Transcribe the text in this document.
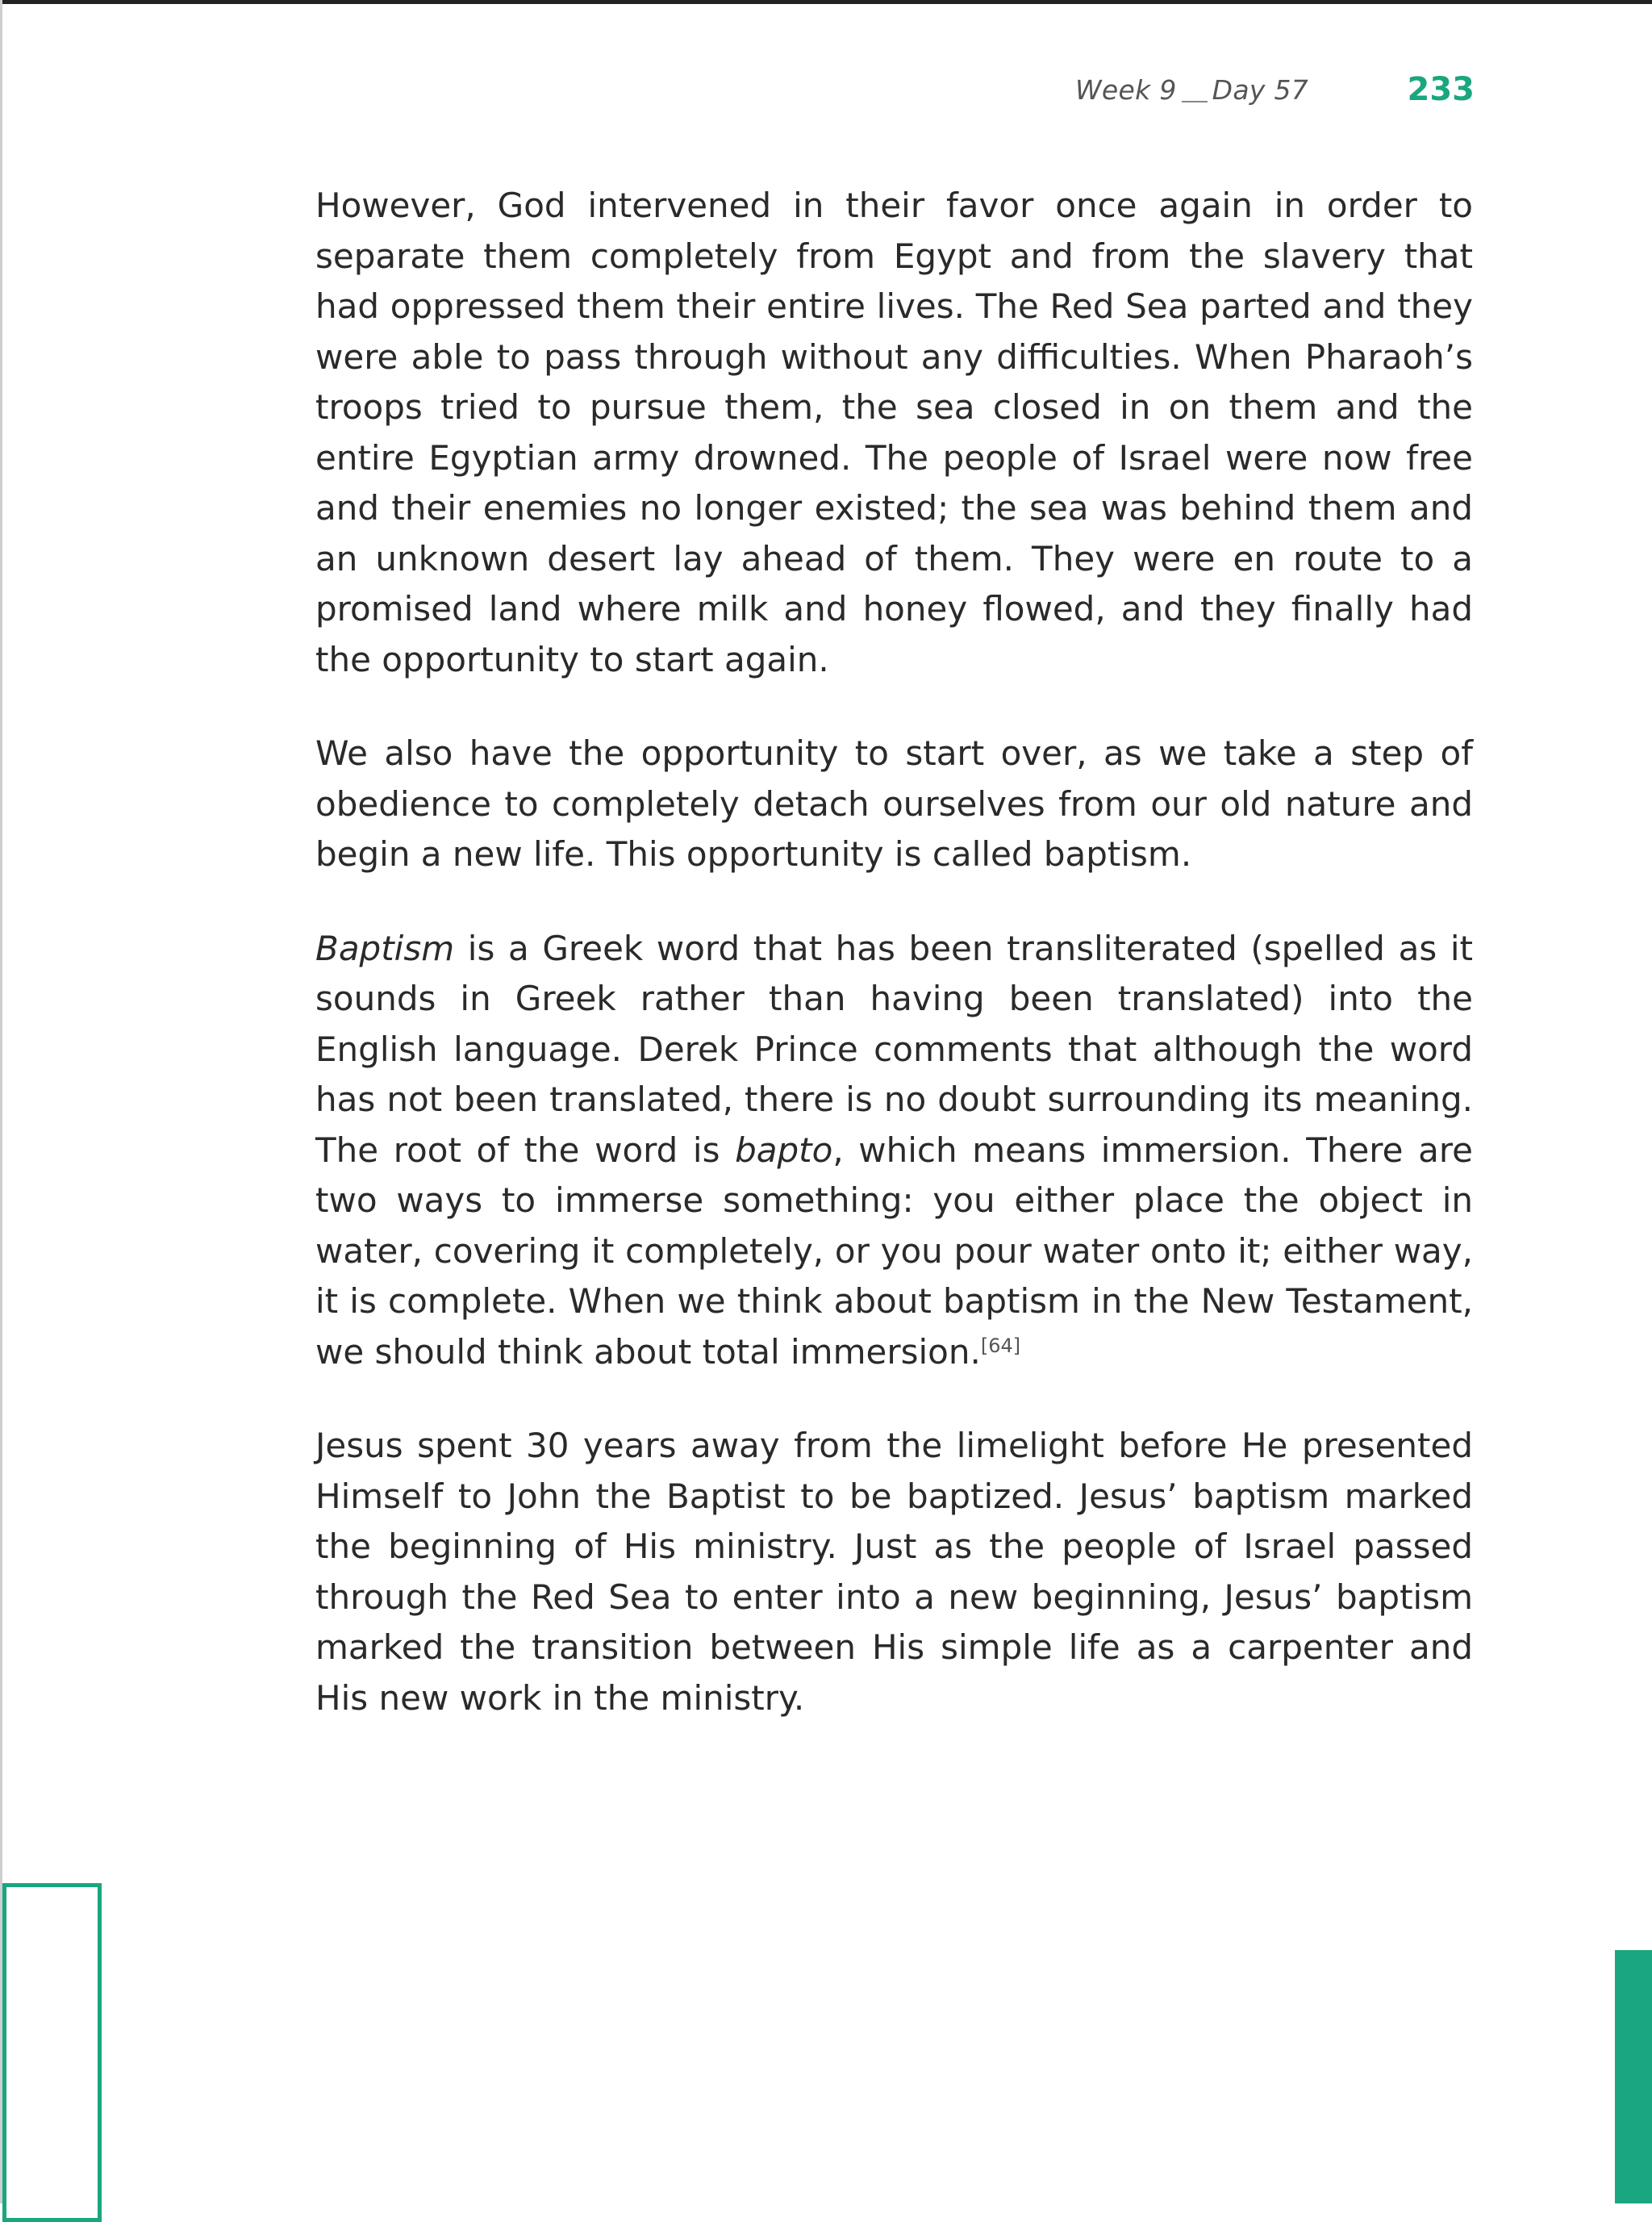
Week 9 Day 57	233

However, God intervened in their favor once again in order to separate them completely from Egypt and from the slavery that had oppressed them their entire lives. The Red Sea parted and they were able to pass through without any difficulties. When Pharaoh’s troops tried to pursue them, the sea closed in on them and the entire Egyptian army drowned. The people of Israel were now free and their enemies no longer existed; the sea was behind them and an unknown desert lay ahead of them. They were en route to a promised land where milk and honey flowed, and they finally had the opportunity to start again.

We also have the opportunity to start over, as we take a step of obedience to completely detach ourselves from our old nature and begin a new life. This opportunity is called baptism.

Baptism is a Greek word that has been transliterated (spelled as it sounds in Greek rather than having been translated) into the English language. Derek Prince comments that although the word has not been translated, there is no doubt surrounding its meaning. The root of the word is bapto, which means immersion. There are two ways to immerse something: you either place the object in water, covering it completely, or you pour water onto it; either way, it is complete. When we think about baptism in the New Testament, we should think about total immersion.[64]

Jesus spent 30 years away from the limelight before He presented Himself to John the Baptist to be baptized. Jesus’ baptism marked the beginning of His ministry. Just as the people of Israel passed through the Red Sea to enter into a new beginning, Jesus’ baptism marked the transition between His simple life as a carpenter and His new work in the ministry.
